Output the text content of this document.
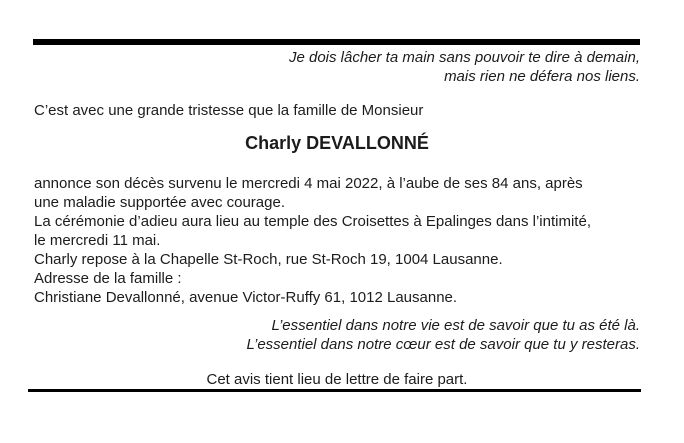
Je dois lâcher ta main sans pouvoir te dire à demain,
mais rien ne défera nos liens.
C’est avec une grande tristesse que la famille de Monsieur
Charly DEVALLONNÉ
annonce son décès survenu le mercredi 4 mai 2022, à l’aube de ses 84 ans, après
une maladie supportée avec courage.
La cérémonie d’adieu aura lieu au temple des Croisettes à Epalinges dans l’intimité,
le mercredi 11 mai.
Charly repose à la Chapelle St-Roch, rue St-Roch 19, 1004 Lausanne.
Adresse de la famille :
Christiane Devallonné, avenue Victor-Ruffy 61, 1012 Lausanne.
L’essentiel dans notre vie est de savoir que tu as été là.
L’essentiel dans notre cœur est de savoir que tu y resteras.
Cet avis tient lieu de lettre de faire part.
